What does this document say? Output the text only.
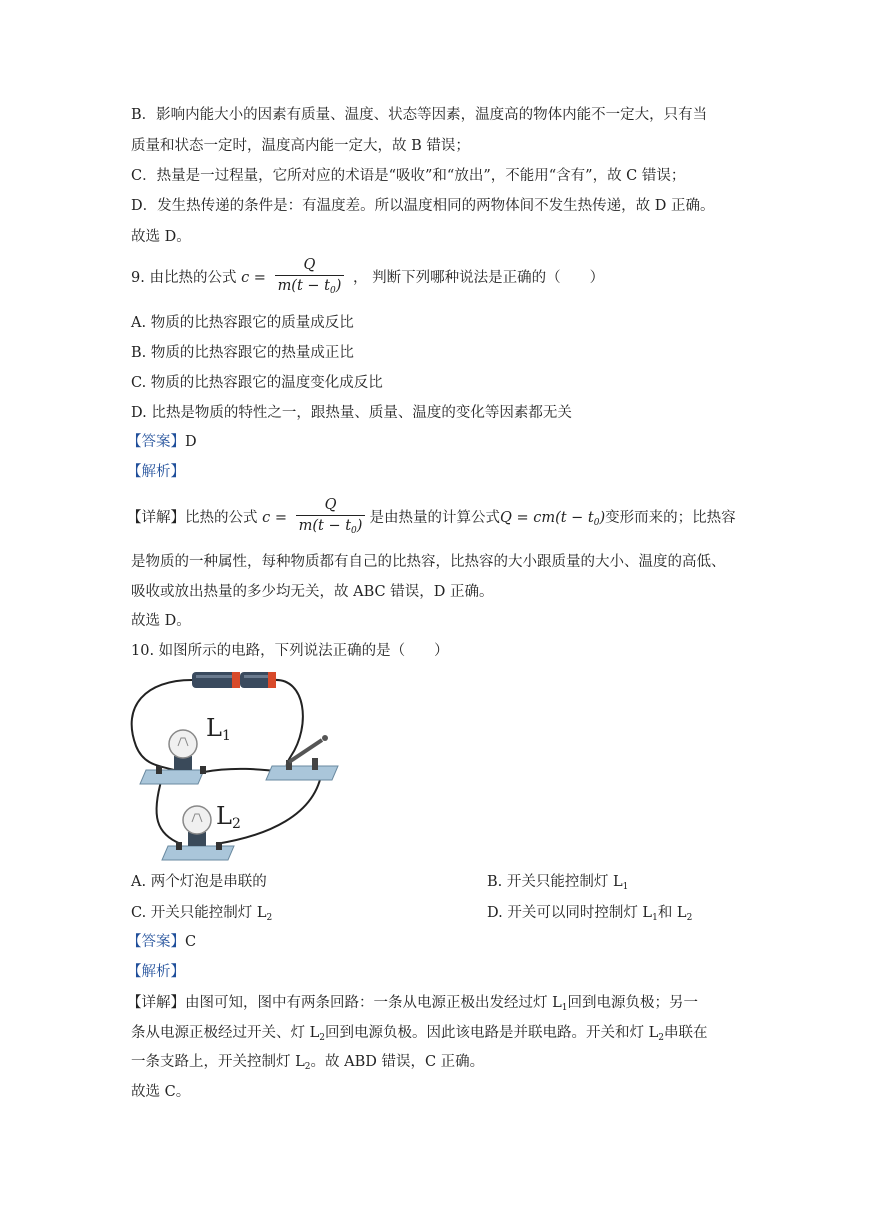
B．影响内能大小的因素有质量、温度、状态等因素，温度高的物体内能不一定大，只有当
质量和状态一定时，温度高内能一定大，故 B 错误；
C．热量是一过程量，它所对应的术语是“吸收”和“放出”，不能用“含有”，故 C 错误；
D．发生热传递的条件是：有温度差。所以温度相同的两物体间不发生热传递，故 D 正确。
故选 D。
9. 由比热的公式 $c = \frac{Q}{m(t - t_0)}$ ， 判断下列哪种说法是正确的（　　）
A. 物质的比热容跟它的质量成反比
B. 物质的比热容跟它的热量成正比
C. 物质的比热容跟它的温度变化成反比
D. 比热是物质的特性之一，跟热量、质量、温度的变化等因素都无关
【答案】D
【解析】
【详解】比热的公式 $c = \frac{Q}{m(t - t_0)}$ 是由热量的计算公式$Q = cm(t - t_0)$变形而来的；比热容
是物质的一种属性，每种物质都有自己的比热容，比热容的大小跟质量的大小、温度的高低、
吸收或放出热量的多少均无关，故 ABC 错误，D 正确。
故选 D。
10. 如图所示的电路，下列说法正确的是（　　）
L1
L2
A. 两个灯泡是串联的	B. 开关只能控制灯 $L_1$
C. 开关只能控制灯 $L_2$	D. 开关可以同时控制灯 $L_1$和 $L_2$
【答案】C
【解析】
【详解】由图可知，图中有两条回路：一条从电源正极出发经过灯 $L_1$回到电源负极；另一
条从电源正极经过开关、灯 $L_2$回到电源负极。因此该电路是并联电路。开关和灯 $L_2$串联在
一条支路上，开关控制灯 $L_2$。故 ABD 错误，C 正确。
故选 C。
